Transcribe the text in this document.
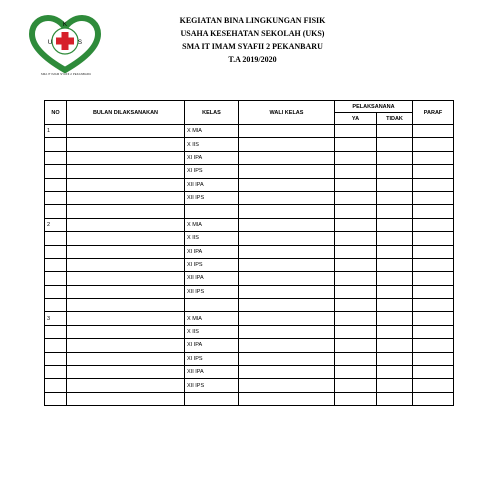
K
U	S
SMA IT IMAM SYAFII 2 PEKANBARU
KEGIATAN BINA LINGKUNGAN FISIK
USAHA KESEHATAN SEKOLAH (UKS)
SMA IT IMAM SYAFII 2 PEKANBARU
T.A 2019/2020
NO	BULAN DILAKSANAKAN	KELAS	WALI KELAS	PELAKSANANA		PARAF
				YA	TIDAK	
1		X MIA				
		X IIS				
		XI IPA				
		XI IPS				
		XII IPA				
		XII IPS				

2		X MIA				
		X IIS				
		XI IPA				
		XI IPS				
		XII IPA				
		XII IPS				

3		X MIA				
		X IIS				
		XI IPA				
		XI IPS				
		XII IPA				
		XII IPS				
